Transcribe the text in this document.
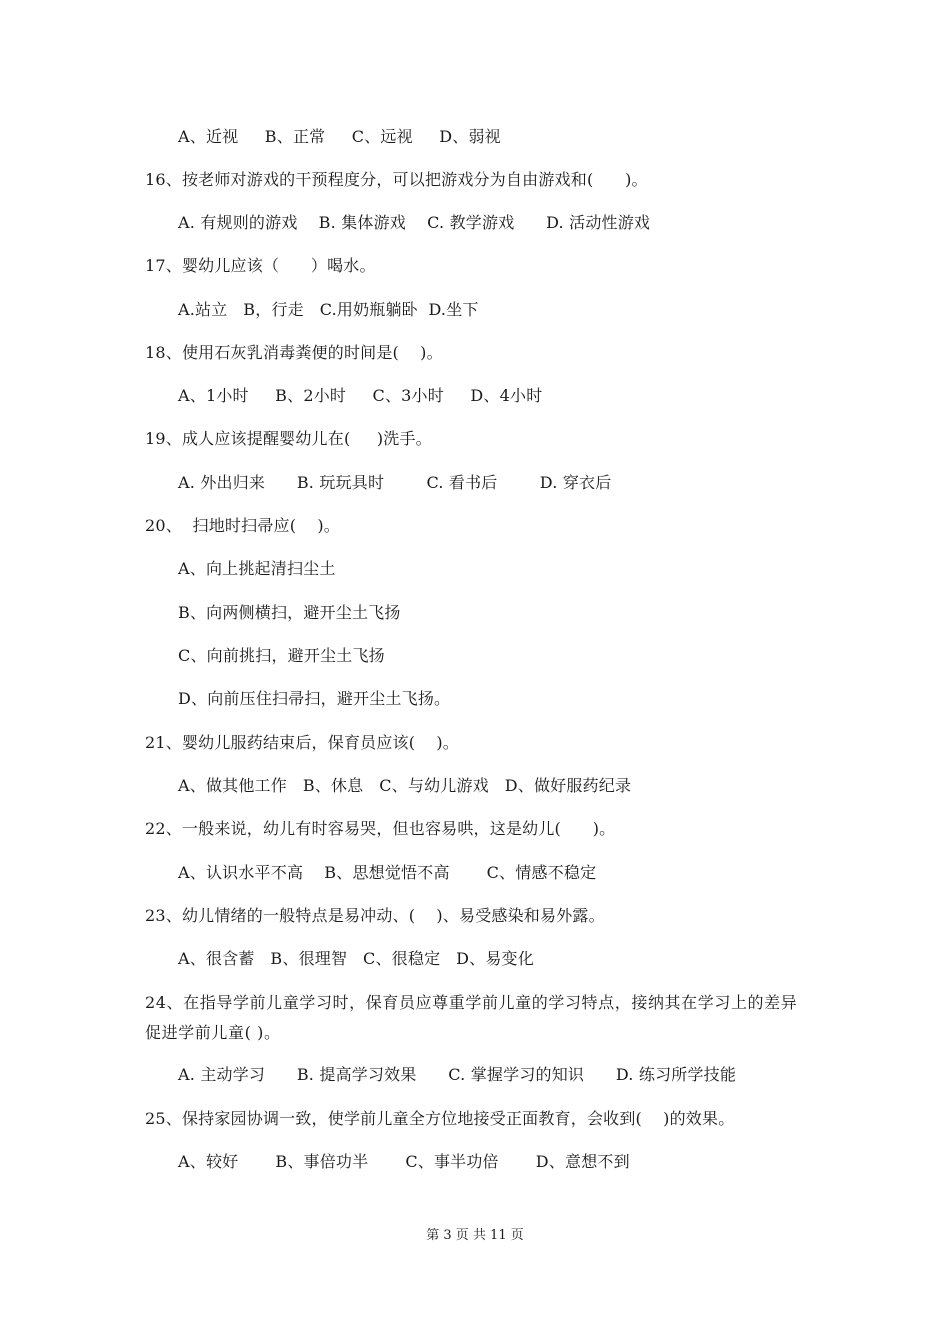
A、近视     B、正常     C、远视     D、弱视
16、按老师对游戏的干预程度分，可以把游戏分为自由游戏和(      )。
A. 有规则的游戏    B. 集体游戏    C. 教学游戏      D. 活动性游戏
17、婴幼儿应该（      ）喝水。
A.站立   B，行走   C.用奶瓶躺卧  D.坐下
18、使用石灰乳消毒粪便的时间是(    )。
A、1小时     B、2小时     C、3小时     D、4小时
19、成人应该提醒婴幼儿在(     )洗手。
A. 外出归来      B. 玩玩具时        C. 看书后        D. 穿衣后
20、  扫地时扫帚应(    )。
A、向上挑起清扫尘土
B、向两侧横扫，避开尘土飞扬
C、向前挑扫，避开尘土飞扬
D、向前压住扫帚扫，避开尘土飞扬。
21、婴幼儿服药结束后，保育员应该(    )。
A、做其他工作   B、休息   C、与幼儿游戏   D、做好服药纪录
22、一般来说，幼儿有时容易哭，但也容易哄，这是幼儿(      )。
A、认识水平不高    B、思想觉悟不高       C、情感不稳定
23、幼儿情绪的一般特点是易冲动、(    )、易受感染和易外露。
A、很含蓄   B、很理智   C、很稳定   D、易变化
24、在指导学前儿童学习时，保育员应尊重学前儿童的学习特点，接纳其在学习上的差异促进学前儿童( )。
A. 主动学习      B. 提高学习效果      C. 掌握学习的知识      D. 练习所学技能
25、保持家园协调一致，使学前儿童全方位地接受正面教育，会收到(    )的效果。
A、较好       B、事倍功半       C、事半功倍       D、意想不到
第 3 页 共 11 页
